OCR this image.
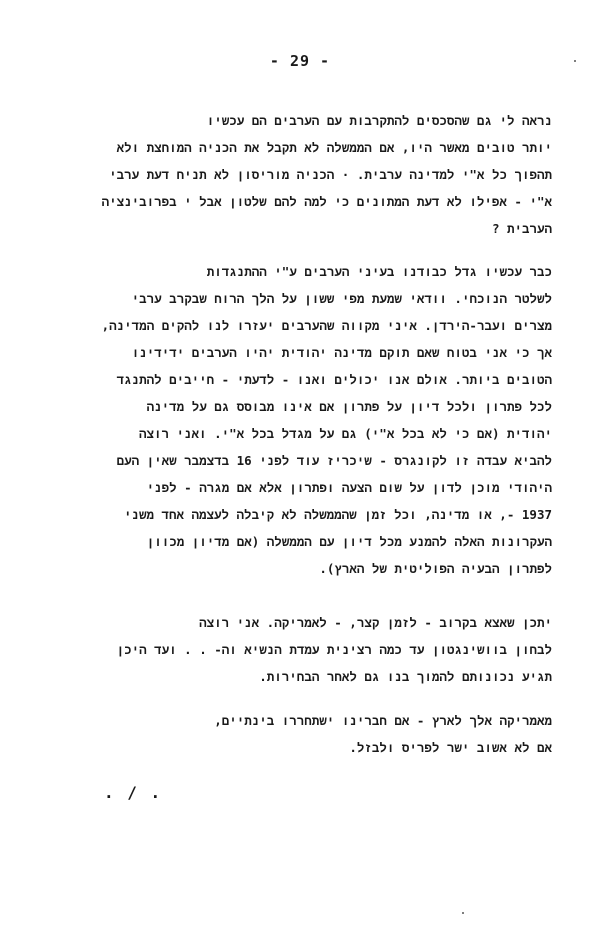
- 29 -
נראה לי גם שהסכסים להתקרבות עם הערבים הם עכשיו
יותר טובים מאשר היו, אם הממשלה לא תקבל את הכניה המוחצת ולא
תהפוך כל א"י למדינה ערבית. · הכניה מוריסון לא תניח דעת ערבי
א"י - אפילו לא דעת המתונים כי למה להם שלטון אבל י בפרובינציה
הערבית ?
כבר עכשיו גדל כבודנו בעיני הערבים ע"י ההתנגדות
לשלטר הנוכחי. וודאי שמעת מפי ששון על הלך הרוח שבקרב ערבי
מצרים ועבר-הירדן. איני מקווה שהערבים יעזרו לנו להקים המדינה,
אך כי אני בטוח שאם תוקם מדינה יהודית יהיו הערבים ידידינו
הטובים ביותר. אולם אנו יכולים ואנו - לדעתי - חייבים להתנגד
לכל פתרון ולכל דיון על פתרון אם אינו מבוסס גם על מדינה
יהודית (אם כי לא בכל א"י) גם על מגדל בכל א"י. ואני רוצה
להביא עבדה זו לקונגרס - שיכריז עוד לפני 16 בדצמבר שאין העם
היהודי מוכן לדון על שום הצעה ופתרון אלא אם מגרה - לפני
1937 -, או מדינה, וכל זמן שהממשלה לא קיבלה לעצמה אחד משני
העקרונות האלה להמנע מכל דיון עם הממשלה (אם מדיון מכוון
לפתרון הבעיה הפוליטית של הארץ).
יתכן שאצא בקרוב - לזמן קצר, - לאמריקה. אני רוצה
לבחון בוושינגטון עד כמה רצינית עמדת הנשיא וה- . . ועד היכן
תגיע נכונותם להמוך בנו גם לאחר הבחירות.
מאמריקה אלך לארץ - אם חברינו ישתחררו בינתיים,
אם לא אשוב ישר לפריס ולבזל.
. / .
